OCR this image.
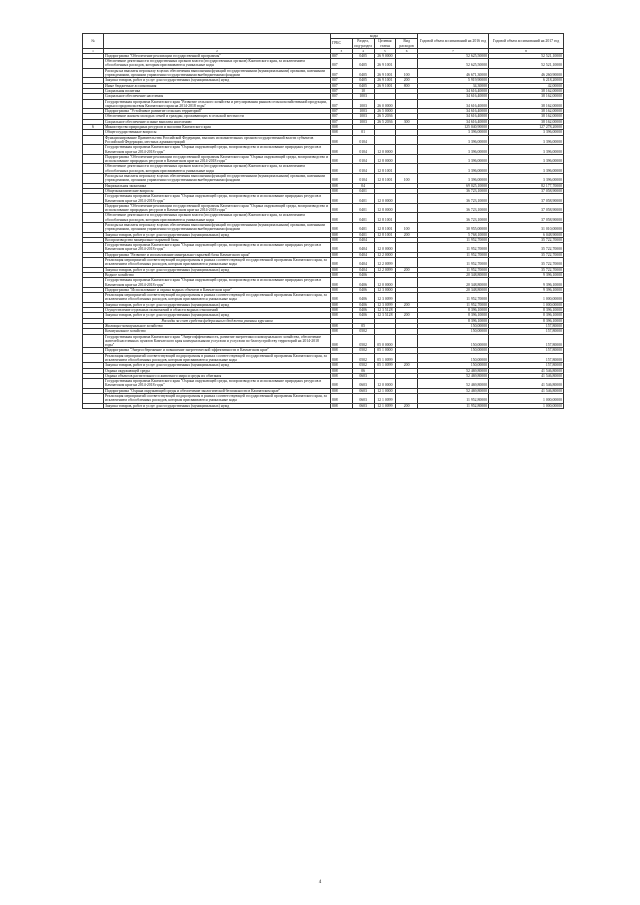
№		коды				Годовой объем ассигнований на 2016 год	Годовой объем ассигнований на 2017 год
		ГРБС	Раздел, под-раздел	Целевая статья	Вид расходов		
1	2	3	4	5	6	7	8
	Подпрограмма "Обеспечение реализации государственной программы"	807	0405	26 9 0000		52 625,50000	52 521,10000
	Обеспечение деятельности государственных органов власти (государственных органов) Камчатского края, за исключением обособленных расходов, которым присваиваются уникальные коды	807	0405	26 9 1001		52 625,50000	52 521,10000
	Расходы на выплаты персоналу в целях обеспечения выполнения функций государственными (муниципальными) органами, казенными учреждениями, органами управления государственными внебюджетными фондами	807	0405	26 9 1001	100	46 671,30000	46 260,90000
	Закупка товаров, работ и услуг для государственных (муниципальных) нужд	807	0405	26 9 1001	200	5 919,90000	6 218,20000
	Иные бюджетные ассигнования	807	0405	26 9 1001	800	34,30000	42,00000
	Социальная политика	807	10			34 616,40000	38 162,00000
	Социальное обеспечение населения	807	1003			34 616,40000	38 162,00000
	Государственная программа Камчатского края "Развитие сельского хозяйства и регулирования рынков сельскохозяйственной продукции, сырья и продовольствия Камчатского края на 2014-2018 годы"	807	1003	26 0 0000		34 616,40000	38 162,00000
	Подпрограмма "Устойчивое развитие сельских территорий"	807	1003	26 5 0000		34 616,40000	38 162,00000
	Обеспечение жильем молодых семей и граждан, проживающих в сельской местности	807	1003	26 5 2036		34 616,40000	38 162,00000
	Социальное обеспечение и иные выплаты населению	807	1003	26 5 2036	300	34 616,40000	38 162,00000
6	Министерство природных ресурсов и экологии Камчатского края	808				125 040,90000	127 278,20000
	Общегосударственные вопросы	808	01			3 396,00000	3 396,00000
	Функционирование Правительства Российской Федерации, высших исполнительных органов государственной власти субъектов Российской Федерации, местных администраций	808	0104			3 396,00000	3 396,00000
	Государственная программа Камчатского края "Охрана окружающей среды, воспроизводство и использование природных ресурсов в Камчатском крае на 2014-2018 годы"	808	0104	12 0 0000		3 396,00000	3 396,00000
	Подпрограмма "Обеспечение реализации государственной программы Камчатского края "Охрана окружающей среды, воспроизводство и использование природных ресурсов в Камчатском крае на 2014-2018 годы"	808	0104	12 8 0000		3 396,00000	3 396,00000
	Обеспечение деятельности государственных органов власти (государственных органов) Камчатского края, за исключением обособленных расходов, которым присваиваются уникальные коды	808	0104	12 8 1001		3 396,00000	3 396,00000
	Расходы на выплаты персоналу в целях обеспечения выполнения функций государственными (муниципальными) органами, казенными учреждениями, органами управления государственными внебюджетными фондами	808	0104	12 8 1001	100	3 396,00000	3 396,00000
	Национальная экономика	808	04			69 025,10000	82 177,70000
	Общеэкономические вопросы	808	0401			36 723,10000	37 058,90000
	Государственная программа Камчатского края "Охрана окружающей среды, воспроизводство и использование природных ресурсов в Камчатском крае на 2014-2018 годы"	808	0401	12 0 0000		36 723,10000	37 058,90000
	Подпрограмма "Обеспечение реализации государственной программы Камчатского края "Охрана окружающей среды, воспроизводство и использование природных ресурсов в Камчатском крае на 2014-2018 годы"	808	0401	12 8 0000		36 723,10000	37 058,90000
	Обеспечение деятельности государственных органов власти (государственных органов) Камчатского края, за исключением обособленных расходов, которым присваиваются уникальные коды	808	0401	12 8 1001		36 723,10000	37 058,90000
	Расходы на выплаты персоналу в целях обеспечения выполнения функций государственными (муниципальными) органами, казенными учреждениями, органами управления государственными внебюджетными фондами	808	0401	12 8 1001	100	30 955,00000	31 010,00000
	Закупка товаров, работ и услуг для государственных (муниципальных) нужд	808	0401	12 8 1001	200	5 768,10000	6 048,90000
	Воспроизводство минерально-сырьевой базы	808	0404			11 952,70000	35 722,70000
	Государственная программа Камчатского края "Охрана окружающей среды, воспроизводство и использование природных ресурсов в Камчатском крае на 2014-2018 годы"	808	0404	12 0 0000		11 952,70000	35 722,70000
	Подпрограмма "Развитие и использование минерально-сырьевой базы Камчатского края"	808	0404	12 2 0000		11 952,70000	35 722,70000
	Реализация мероприятий соответствующей подпрограммы в рамках соответствующей государственной программы Камчатского края, за исключением обособленных расходов, которым присваиваются уникальные коды	808	0404	12 2 0099		11 952,70000	35 722,70000
	Закупка товаров, работ и услуг для государственных (муниципальных) нужд	808	0404	12 2 0099	200	11 952,70000	35 722,70000
	Водное хозяйство	808	0406			20 348,80000	9 396,10000
	Государственная программа Камчатского края "Охрана окружающей среды, воспроизводство и использование природных ресурсов в Камчатском крае на 2014-2018 годы"	808	0406	12 0 0000		20 348,80000	9 396,10000
	Подпрограмма "Использование и охрана водных объектов в Камчатском крае"	808	0406	12 3 0000		20 348,80000	9 396,10000
	Реализация мероприятий соответствующей подпрограммы в рамках соответствующей государственной программы Камчатского края, за исключением обособленных расходов, которым присваиваются уникальные коды	808	0406	12 3 0099		11 952,70000	1 000,00000
	Закупка товаров, работ и услуг для государственных (муниципальных) нужд	808	0406	12 3 0099	200	11 952,70000	1 000,00000
	Осуществление отдельных полномочий в области водных отношений	808	0406	12 3 5128		8 396,10000	8 396,10000
	Закупка товаров, работ и услуг для государственных (муниципальных) нужд	808	0406	12 3 5128	200	8 396,10000	8 396,10000
	Расходы за счет средств федерального бюджета указаны курсивом					8 396,10000	8 396,10000
	Жилищно-коммунальное хозяйство	808	05			150,00000	157,80000
	Коммунальное хозяйство	808	0502			150,00000	157,80000
	Государственная программа Камчатского края "Энергоэффективность, развитие энергетики и коммунального хозяйства, обеспечение жителей населенных пунктов Камчатского края коммунальными услугами и услугами по благоустройству территорий на 2014-2018 годы"	808	0502	05 0 0000		150,00000	157,80000
	Подпрограмма "Энергосбережение и повышение энергетической эффективности в Камчатском крае"	808	0502	05 1 0000		150,00000	157,80000
	Реализация мероприятий соответствующей подпрограммы в рамках соответствующей государственной программы Камчатского края, за исключением обособленных расходов, которым присваиваются уникальные коды	808	0502	05 1 0099		150,00000	157,80000
	Закупка товаров, работ и услуг для государственных (муниципальных) нужд	808	0502	05 1 0099	200	150,00000	157,80000
	Охрана окружающей среды	808	06			52 469,80000	41 546,80000
	Охрана объектов растительного и животного мира и среды их обитания	808	0603			52 469,80000	41 546,80000
	Государственная программа Камчатского края "Охрана окружающей среды, воспроизводство и использование природных ресурсов в Камчатском крае на 2014-2018 годы"	808	0603	12 0 0000		52 469,80000	41 546,80000
	Подпрограмма "Охрана окружающей среды и обеспечение экологической безопасности в Камчатском крае"	808	0603	12 1 0000		52 469,80000	41 546,80000
	Реализация мероприятий соответствующей подпрограммы в рамках соответствующей государственной программы Камчатского края, за исключением обособленных расходов, которым присваиваются уникальные коды	808	0603	12 1 0099		11 952,80000	1 000,00000
	Закупка товаров, работ и услуг для государственных (муниципальных) нужд	808	0603	12 1 0099	200	11 952,80000	1 000,00000
4
